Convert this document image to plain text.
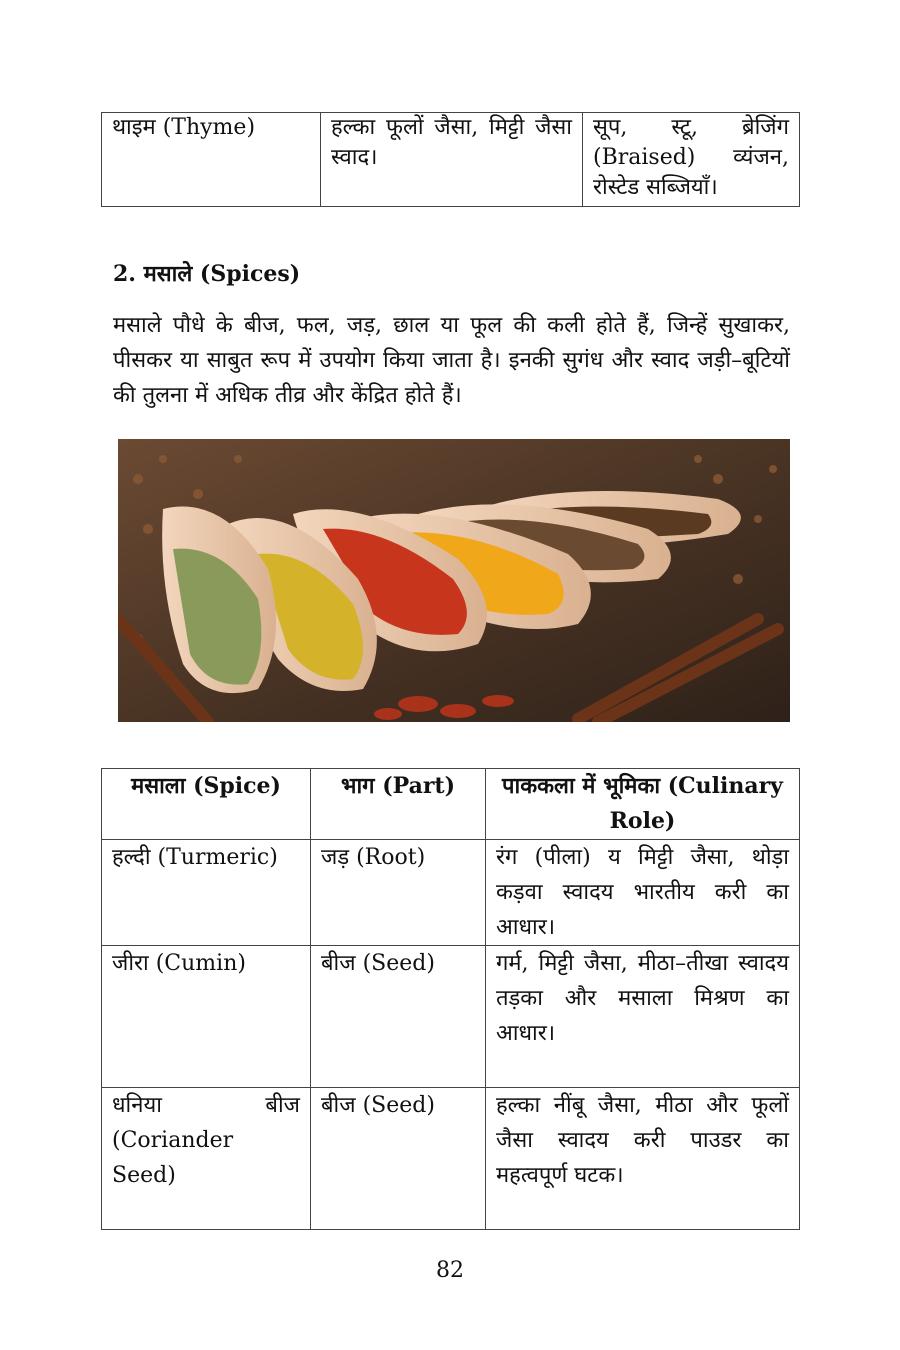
थाइम (Thyme)	हल्का फूलों जैसा, मिट्टी जैसा स्वाद।	सूप, स्टू, ब्रेजिंग (Braised) व्यंजन, रोस्टेड सब्जियाँ।
2. मसाले (Spices)

मसाले पौधे के बीज, फल, जड़, छाल या फूल की कली होते हैं, जिन्हें सुखाकर, पीसकर या साबुत रूप में उपयोग किया जाता है। इनकी सुगंध और स्वाद जड़ी–बूटियों की तुलना में अधिक तीव्र और केंद्रित होते हैं।

मसाला (Spice)	भाग (Part)	पाककला में भूमिका (Culinary Role)
हल्दी (Turmeric)	जड़ (Root)	रंग (पीला) य मिट्टी जैसा, थोड़ा कड़वा स्वादय भारतीय करी का आधार।
जीरा (Cumin)	बीज (Seed)	गर्म, मिट्टी जैसा, मीठा–तीखा स्वादय तड़का और मसाला मिश्रण का आधार।
धनिया बीज (Coriander Seed)	बीज (Seed)	हल्का नींबू जैसा, मीठा और फूलों जैसा स्वादय करी पाउडर का महत्वपूर्ण घटक।
82
